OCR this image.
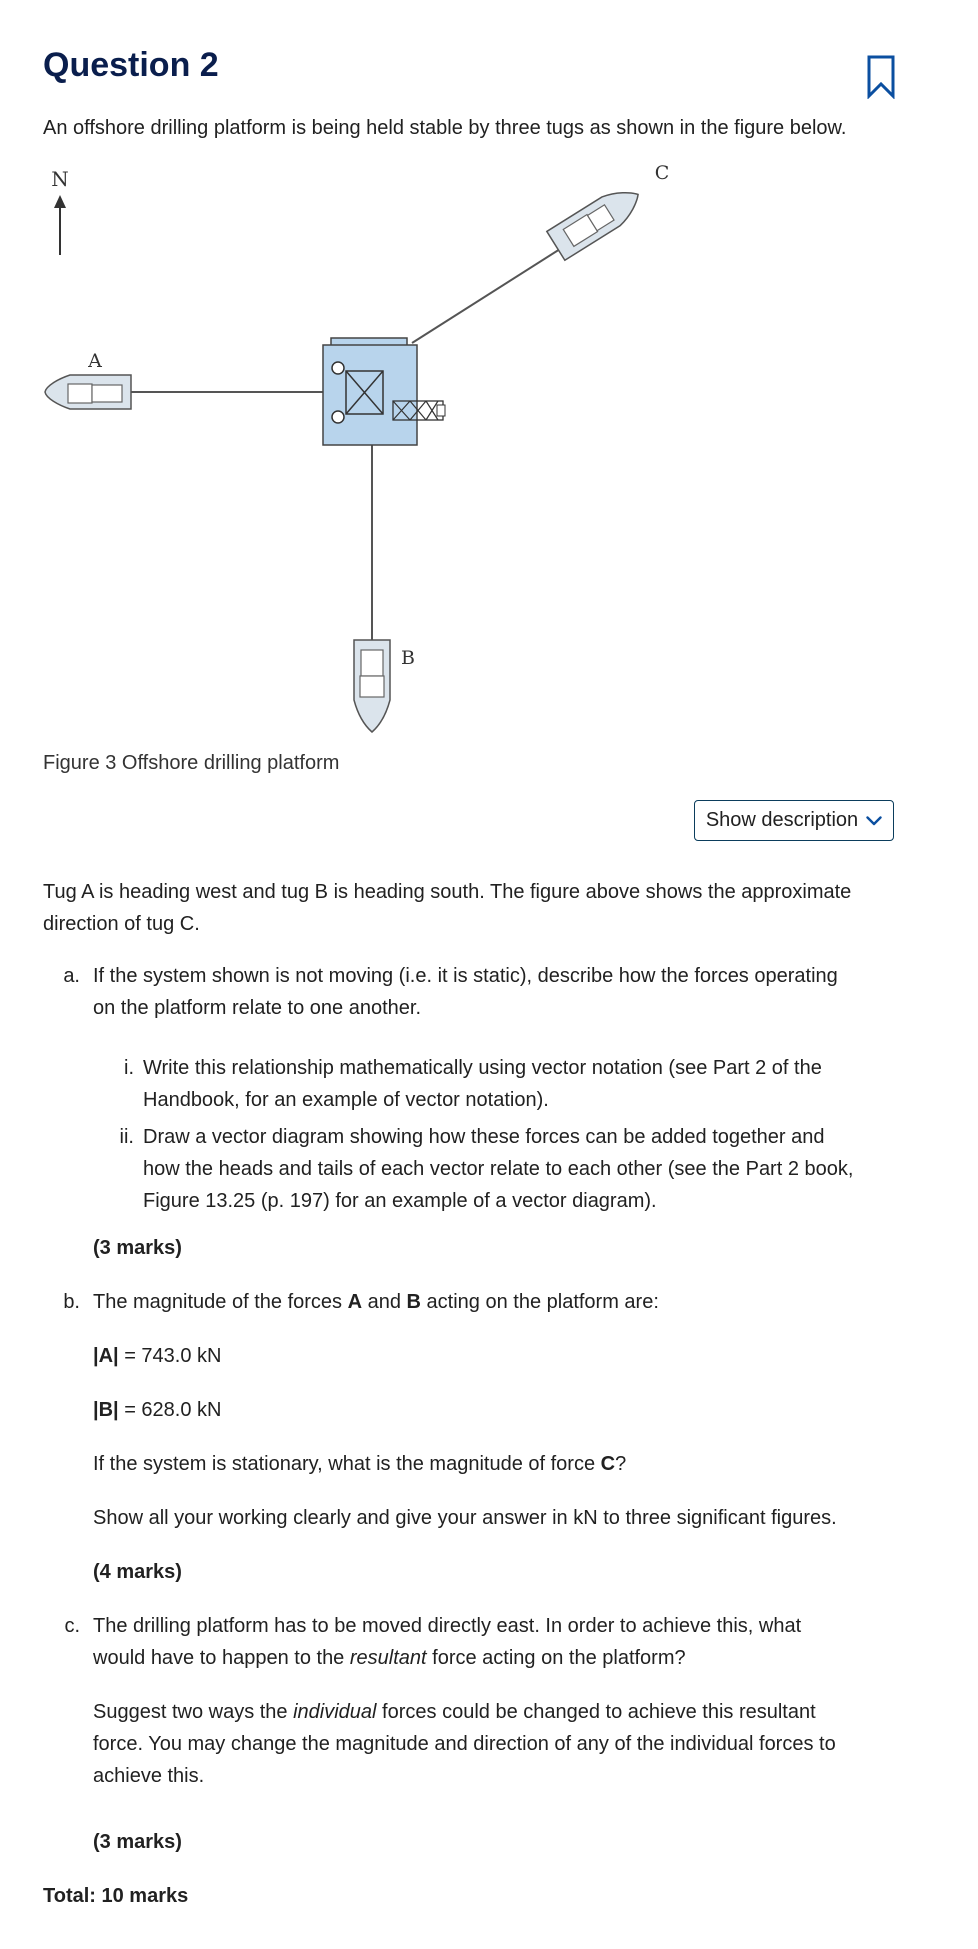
Question 2
An offshore drilling platform is being held stable by three tugs as shown in the figure below.
N
A
B
C
Figure 3 Offshore drilling platform
Show description
Tug A is heading west and tug B is heading south. The figure above shows the approximate
direction of tug C.
a. If the system shown is not moving (i.e. it is static), describe how the forces operating
on the platform relate to one another.
i. Write this relationship mathematically using vector notation (see Part 2 of the
Handbook, for an example of vector notation).
ii. Draw a vector diagram showing how these forces can be added together and
how the heads and tails of each vector relate to each other (see the Part 2 book,
Figure 13.25 (p. 197) for an example of a vector diagram).
(3 marks)
b. The magnitude of the forces A and B acting on the platform are:
|A| = 743.0 kN
|B| = 628.0 kN
If the system is stationary, what is the magnitude of force C?
Show all your working clearly and give your answer in kN to three significant figures.
(4 marks)
c. The drilling platform has to be moved directly east. In order to achieve this, what
would have to happen to the resultant force acting on the platform?
Suggest two ways the individual forces could be changed to achieve this resultant
force. You may change the magnitude and direction of any of the individual forces to
achieve this.
(3 marks)
Total: 10 marks
